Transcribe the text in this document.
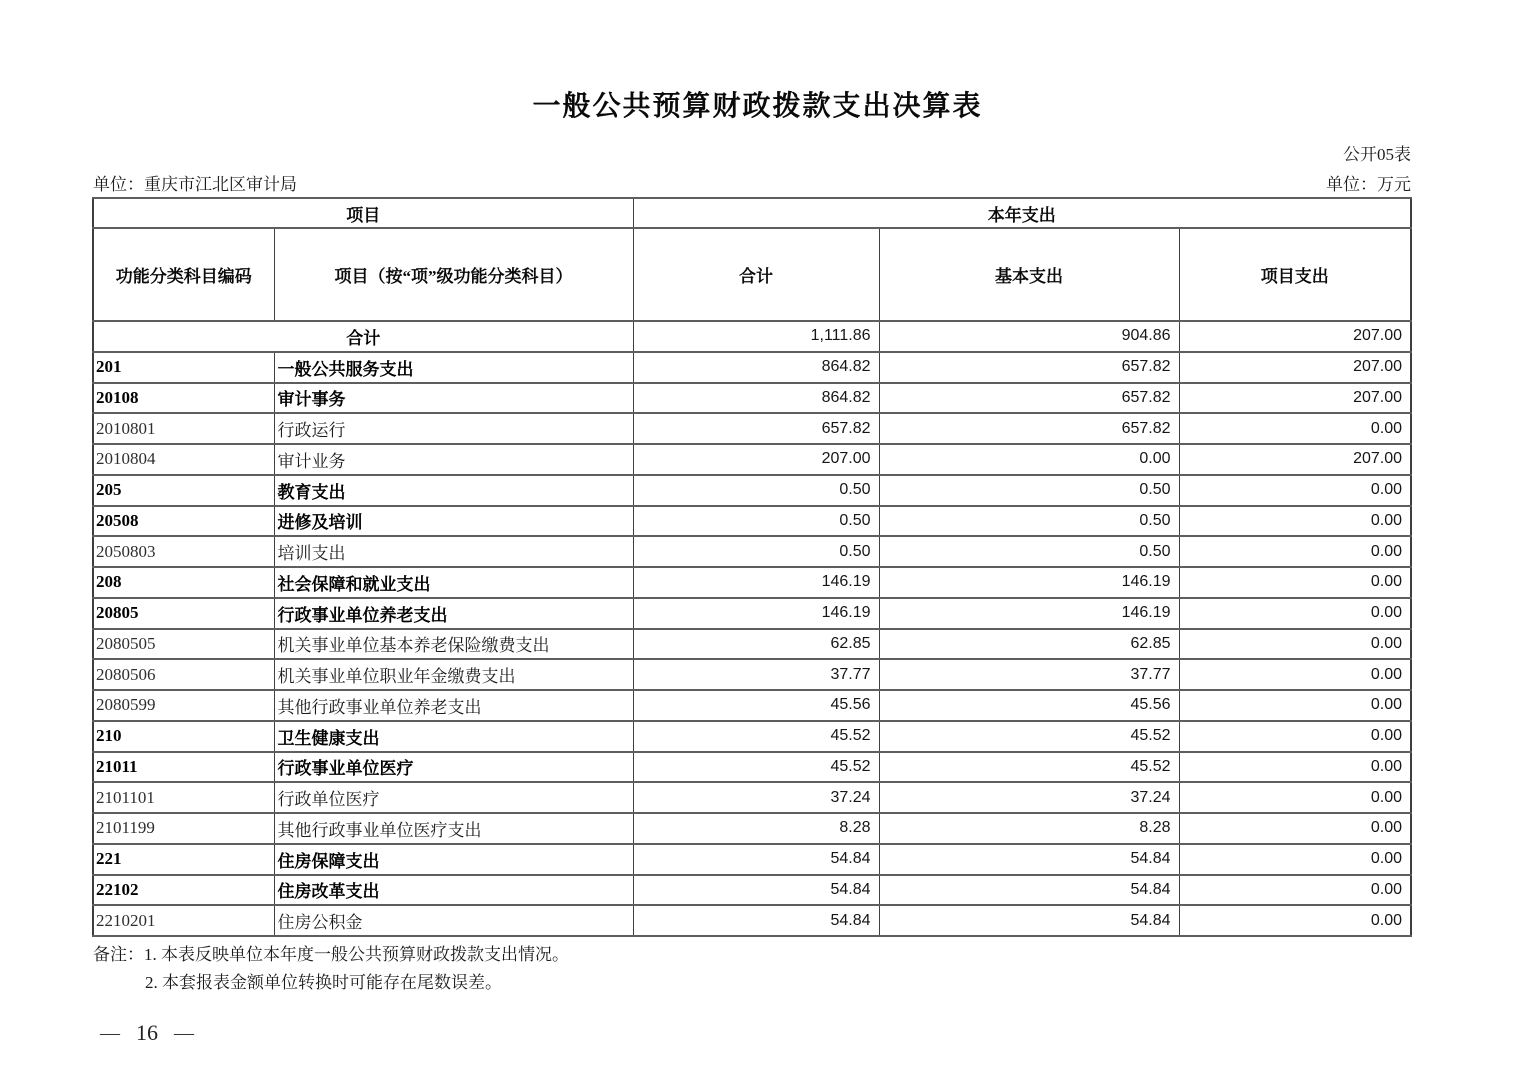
一般公共预算财政拨款支出决算表
公开05表
单位：重庆市江北区审计局	单位：万元
项目		本年支出		
功能分类科目编码	项目（按“项”级功能分类科目）	合计	基本支出	项目支出
合计		1,111.86	904.86	207.00
201	一般公共服务支出	864.82	657.82	207.00
20108	审计事务	864.82	657.82	207.00
2010801	行政运行	657.82	657.82	0.00
2010804	审计业务	207.00	0.00	207.00
205	教育支出	0.50	0.50	0.00
20508	进修及培训	0.50	0.50	0.00
2050803	培训支出	0.50	0.50	0.00
208	社会保障和就业支出	146.19	146.19	0.00
20805	行政事业单位养老支出	146.19	146.19	0.00
2080505	机关事业单位基本养老保险缴费支出	62.85	62.85	0.00
2080506	机关事业单位职业年金缴费支出	37.77	37.77	0.00
2080599	其他行政事业单位养老支出	45.56	45.56	0.00
210	卫生健康支出	45.52	45.52	0.00
21011	行政事业单位医疗	45.52	45.52	0.00
2101101	行政单位医疗	37.24	37.24	0.00
2101199	其他行政事业单位医疗支出	8.28	8.28	0.00
221	住房保障支出	54.84	54.84	0.00
22102	住房改革支出	54.84	54.84	0.00
2210201	住房公积金	54.84	54.84	0.00
备注：1. 本表反映单位本年度一般公共预算财政拨款支出情况。
2. 本套报表金额单位转换时可能存在尾数误差。
— 16 —
